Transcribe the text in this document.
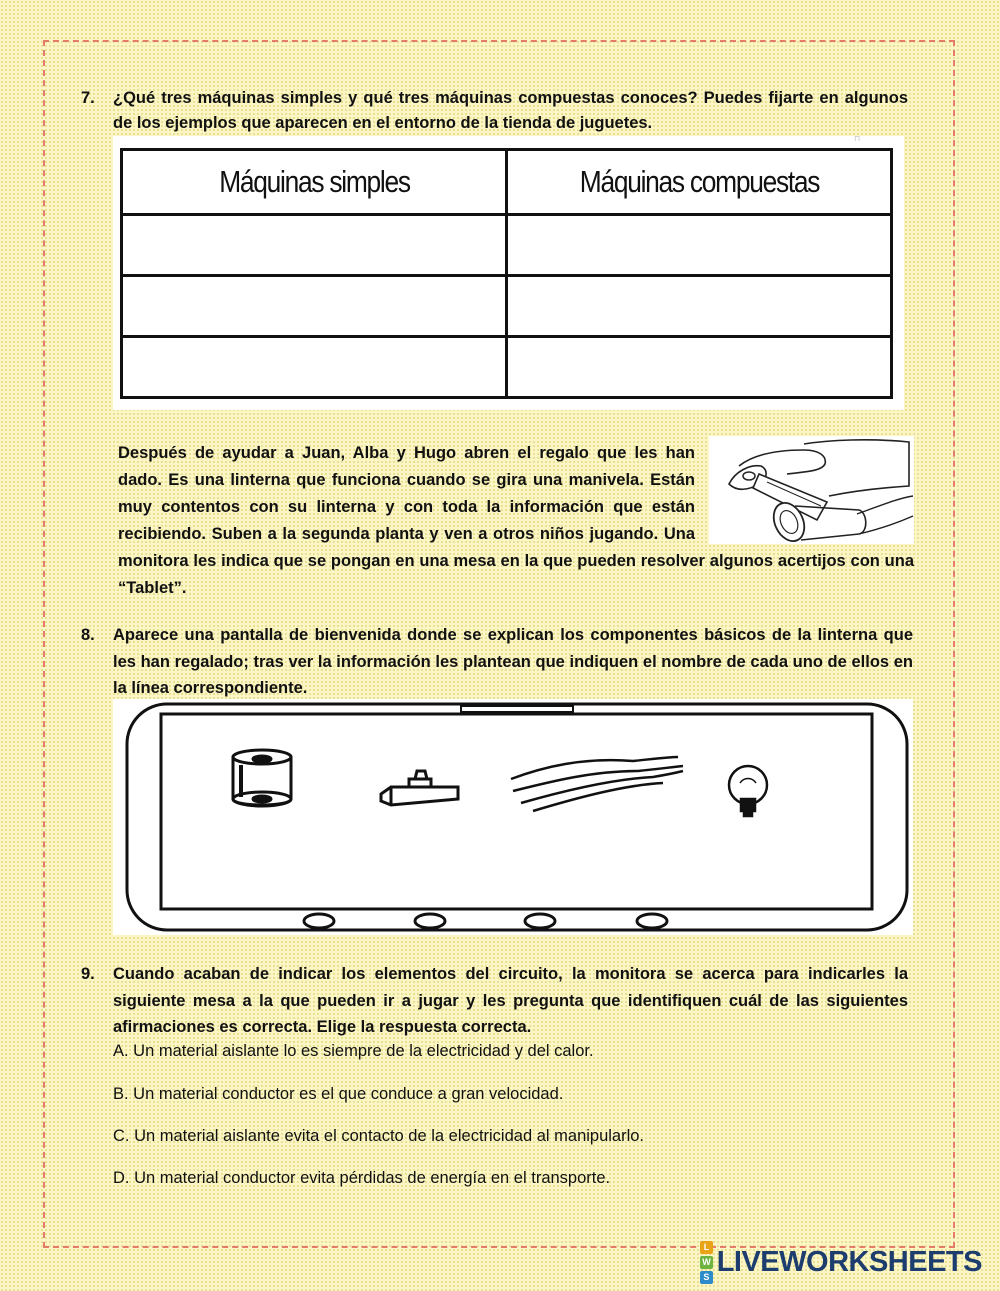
7. ¿Qué tres máquinas simples y qué tres máquinas compuestas conoces? Puedes fijarte en algunos de los ejemplos que aparecen en el entorno de la tienda de juguetes.
⊓
Máquinas simples	Máquinas compuestas

Después de ayudar a Juan, Alba y Hugo abren el regalo que les han dado. Es una linterna que funciona cuando se gira una manivela. Están muy contentos con su linterna y con toda la información que están recibiendo. Suben a la segunda planta y ven a otros niños jugando. Una monitora les indica que se pongan en una mesa en la que pueden resolver algunos acertijos con una “Tablet”.
8. Aparece una pantalla de bienvenida donde se explican los componentes básicos de la linterna que les han regalado; tras ver la información les plantean que indiquen el nombre de cada uno de ellos en la línea correspondiente.
9. Cuando acaban de indicar los elementos del circuito, la monitora se acerca para indicarles la siguiente mesa a la que pueden ir a jugar y les pregunta que identifiquen cuál de las siguientes afirmaciones es correcta. Elige la respuesta correcta.
A. Un material aislante lo es siempre de la electricidad y del calor.
B. Un material conductor es el que conduce a gran velocidad.
C. Un material aislante evita el contacto de la electricidad al manipularlo.
D. Un material conductor evita pérdidas de energía en el transporte.
L
W
S LIVEWORKSHEETS
